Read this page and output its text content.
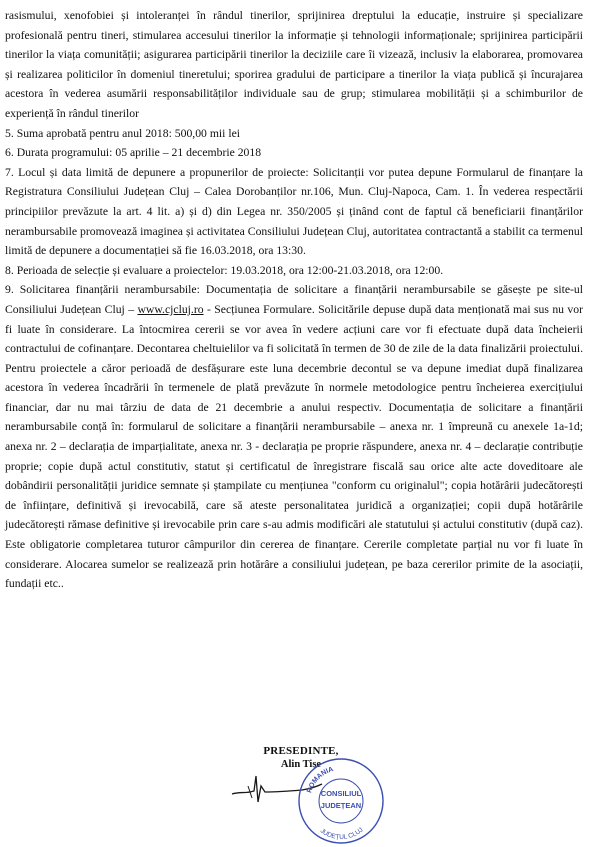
rasismului, xenofobiei și intoleranței în rândul tinerilor, sprijinirea dreptului la educație, instruire și specializare profesională pentru tineri, stimularea accesului tinerilor la informație și tehnologii informaționale; sprijinirea participării tinerilor la viața comunității; asigurarea participării tinerilor la deciziile care îi vizează, inclusiv la elaborarea, promovarea și realizarea politicilor în domeniul tineretului; sporirea gradului de participare a tinerilor la viața publică și încurajarea acestora în vederea asumării responsabilităților individuale sau de grup; stimularea mobilității și a schimburilor de experiență în rândul tinerilor

5. Suma aprobată pentru anul 2018: 500,00 mii lei

6. Durata programului: 05 aprilie – 21 decembrie 2018

7. Locul și data limită de depunere a propunerilor de proiecte: Solicitanții vor putea depune Formularul de finanțare la Registratura Consiliului Județean Cluj – Calea Dorobanților nr.106, Mun. Cluj-Napoca, Cam. 1. În vederea respectării principiilor prevăzute la art. 4 lit. a) și d) din Legea nr. 350/2005 și ținând cont de faptul că beneficiarii finanțărilor nerambursabile promovează imaginea și activitatea Consiliului Județean Cluj, autoritatea contractantă a stabilit ca termenul limită de depunere a documentației să fie 16.03.2018, ora 13:30.

8. Perioada de selecție și evaluare a proiectelor: 19.03.2018, ora 12:00-21.03.2018, ora 12:00.

9. Solicitarea finanțării nerambursabile: Documentația de solicitare a finanțării nerambursabile se găsește pe site-ul Consiliului Județean Cluj – www.cjcluj.ro - Secțiunea Formulare. Solicitările depuse după data menționată mai sus nu vor fi luate în considerare. La întocmirea cererii se vor avea în vedere acțiuni care vor fi efectuate după data încheierii contractului de cofinanțare. Decontarea cheltuielilor va fi solicitată în termen de 30 de zile de la data finalizării proiectului. Pentru proiectele a căror perioadă de desfășurare este luna decembrie decontul se va depune imediat după finalizarea acestora în vederea încadrării în termenele de plată prevăzute în normele metodologice pentru încheierea exercițiului financiar, dar nu mai târziu de data de 21 decembrie a anului respectiv. Documentația de solicitare a finanțării nerambursabile conță în: formularul de solicitare a finanțării nerambursabile – anexa nr. 1 împreună cu anexele 1a-1d; anexa nr. 2 – declarația de imparțialitate, anexa nr. 3 - declarația pe proprie răspundere, anexa nr. 4 – declarație contribuție proprie; copie după actul constitutiv, statut și certificatul de înregistrare fiscală sau orice alte acte doveditoare ale dobândirii personalității juridice semnate și ștampilate cu mențiunea "conform cu originalul"; copia hotărârii judecătorești de înființare, definitivă și irevocabilă, care să ateste personalitatea juridică a organizației; copii după hotărârile judecătorești rămase definitive și irevocabile prin care s-au admis modificări ale statutului și actului constitutiv (după caz). Este obligatorie completarea tuturor câmpurilor din cererea de finanțare. Cererile completate parțial nu vor fi luate în considerare. Alocarea sumelor se realizează prin hotărâre a consiliului județean, pe baza cererilor primite de la asociații, fundații etc..

PRESEDINTE,
Alin Tișe
ROMANIA
CONSILIUL
JUDEȚEAN
JUDEȚUL CLUJ
